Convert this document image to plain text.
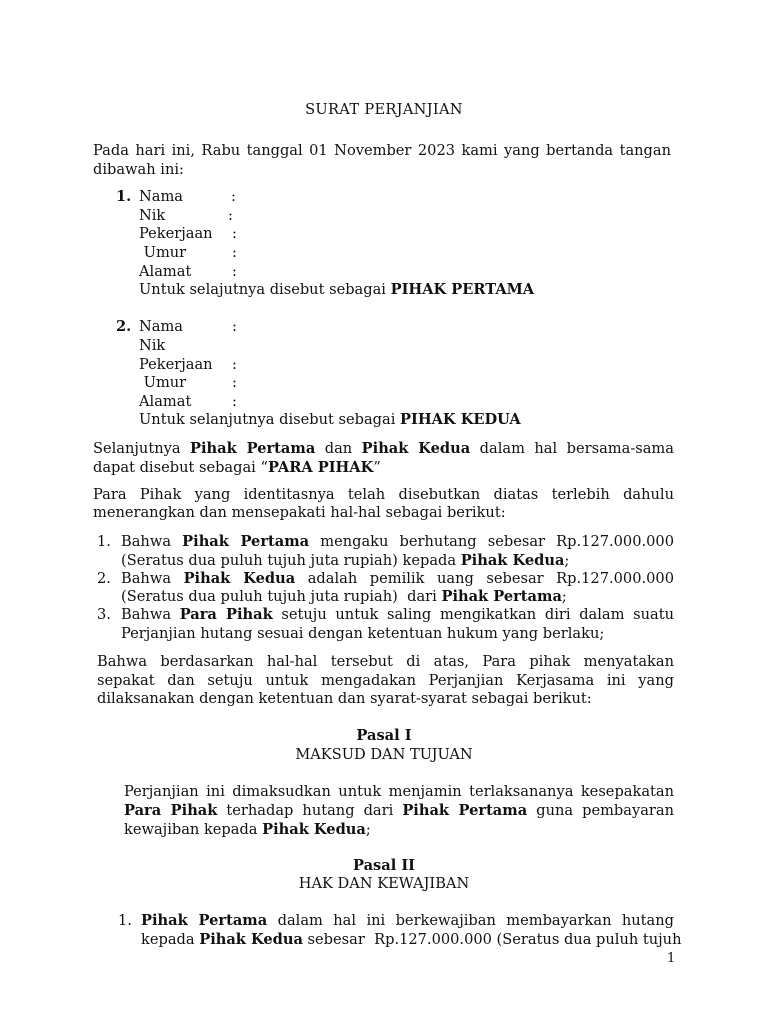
SURAT PERJANJIAN
Pada hari ini, Rabu tanggal 01 November 2023 kami yang bertanda tangan
dibawah ini:
1. Nama	:
Nik	:
Pekerjaan :
Umur	:
Alamat	:
Untuk selajutnya disebut sebagai PIHAK PERTAMA
2. Nama	:
Nik
Pekerjaan :
Umur	:
Alamat	:
Untuk selanjutnya disebut sebagai PIHAK KEDUA
Selanjutnya Pihak Pertama dan Pihak Kedua dalam hal bersama-sama
dapat disebut sebagai “PARA PIHAK”
Para Pihak yang identitasnya telah disebutkan diatas terlebih dahulu
menerangkan dan mensepakati hal-hal sebagai berikut:
1. Bahwa Pihak Pertama mengaku berhutang sebesar Rp.127.000.000
(Seratus dua puluh tujuh juta rupiah) kepada Pihak Kedua;
2. Bahwa Pihak Kedua adalah pemilik uang sebesar Rp.127.000.000
(Seratus dua puluh tujuh juta rupiah)  dari Pihak Pertama;
3. Bahwa Para Pihak setuju untuk saling mengikatkan diri dalam suatu
Perjanjian hutang sesuai dengan ketentuan hukum yang berlaku;
Bahwa berdasarkan hal-hal tersebut di atas, Para pihak menyatakan
sepakat dan setuju untuk mengadakan Perjanjian Kerjasama ini yang
dilaksanakan dengan ketentuan dan syarat-syarat sebagai berikut:
Pasal I
MAKSUD DAN TUJUAN
Perjanjian ini dimaksudkan untuk menjamin terlaksananya kesepakatan
Para Pihak terhadap hutang dari Pihak Pertama guna pembayaran
kewajiban kepada Pihak Kedua;
Pasal II
HAK DAN KEWAJIBAN
1. Pihak Pertama dalam hal ini berkewajiban membayarkan hutang
kepada Pihak Kedua sebesar  Rp.127.000.000 (Seratus dua puluh tujuh
1
